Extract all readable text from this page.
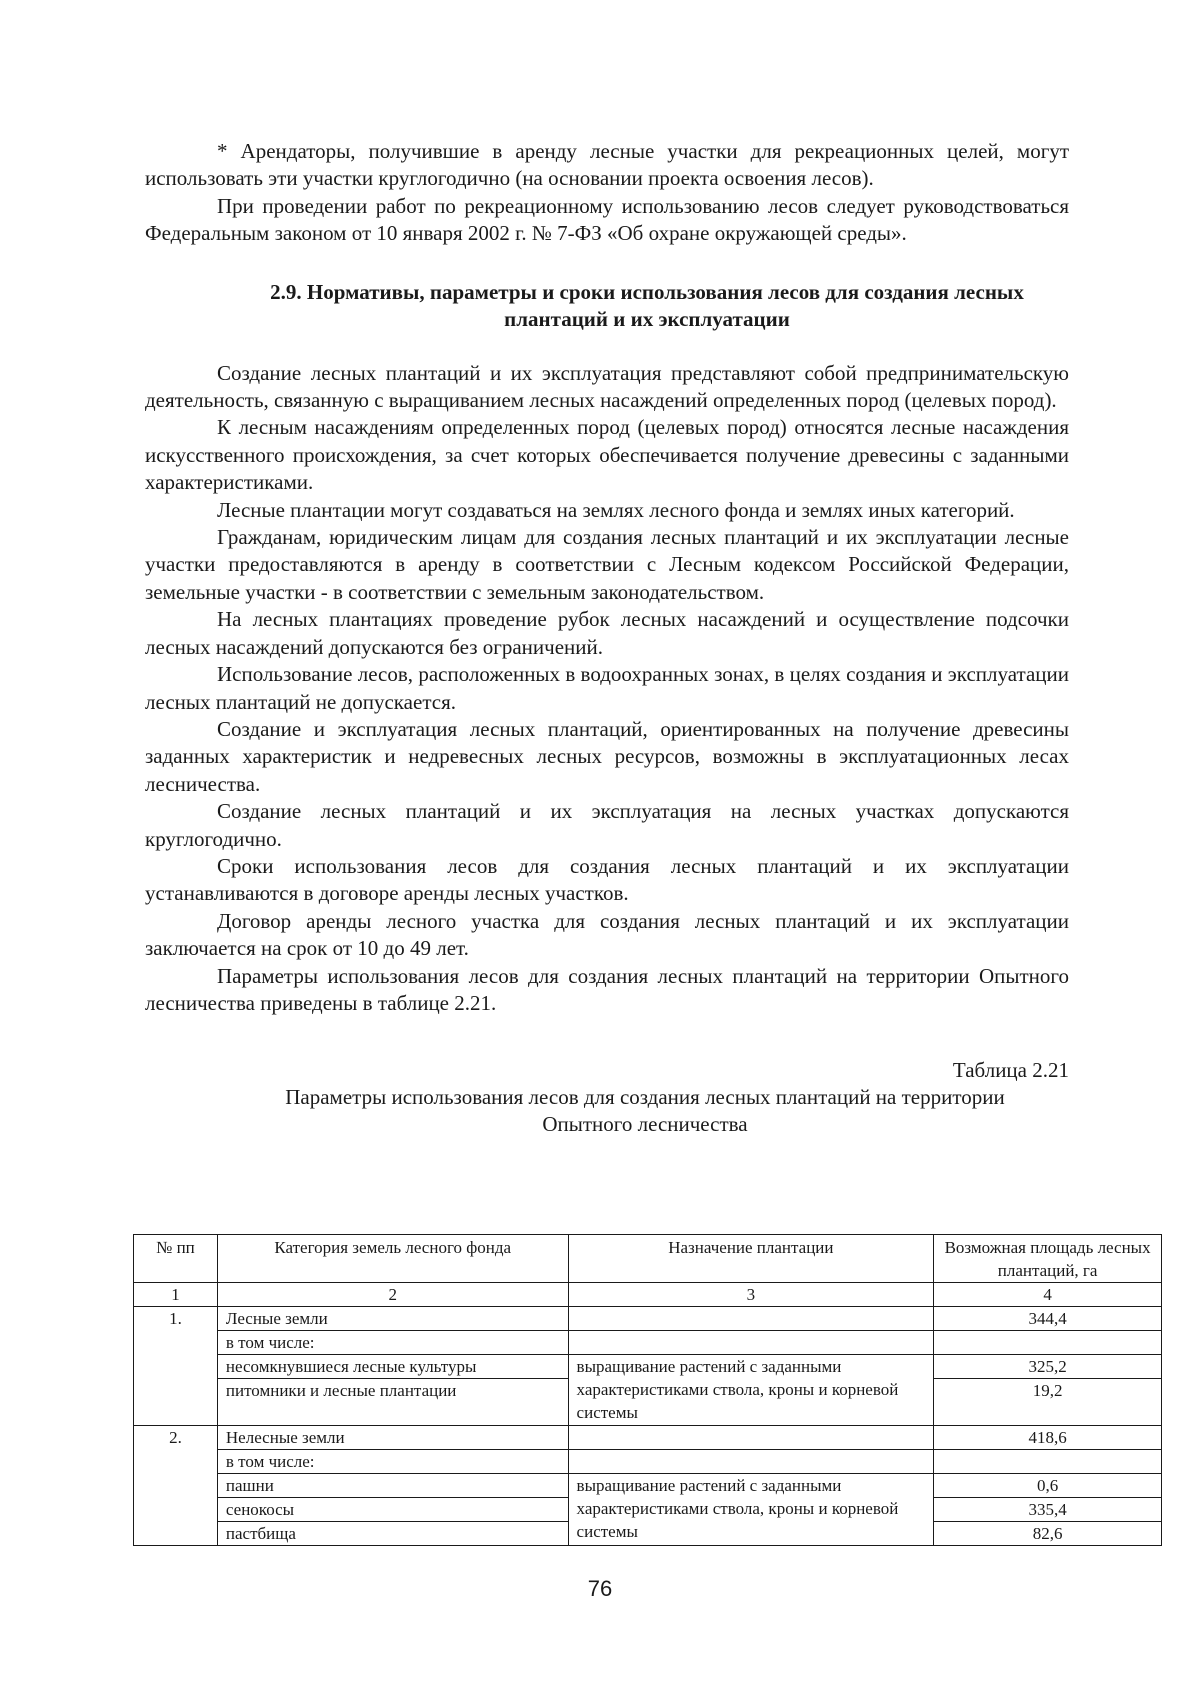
* Арендаторы, получившие в аренду лесные участки для рекреационных целей, могут использовать эти участки круглогодично (на основании проекта освоения лесов).

При проведении работ по рекреационному использованию лесов следует руководствоваться Федеральным законом от 10 января 2002 г. № 7-ФЗ «Об охране окружающей среды».

2.9. Нормативы, параметры и сроки использования лесов для создания лесных плантаций и их эксплуатации

Создание лесных плантаций и их эксплуатация представляют собой предпринимательскую деятельность, связанную с выращиванием лесных насаждений определенных пород (целевых пород).

К лесным насаждениям определенных пород (целевых пород) относятся лесные насаждения искусственного происхождения, за счет которых обеспечивается получение древесины с заданными характеристиками.

Лесные плантации могут создаваться на землях лесного фонда и землях иных категорий.

Гражданам, юридическим лицам для создания лесных плантаций и их эксплуатации лесные участки предоставляются в аренду в соответствии с Лесным кодексом Российской Федерации, земельные участки - в соответствии с земельным законодательством.

На лесных плантациях проведение рубок лесных насаждений и осуществление подсочки лесных насаждений допускаются без ограничений.

Использование лесов, расположенных в водоохранных зонах, в целях создания и эксплуатации лесных плантаций не допускается.

Создание и эксплуатация лесных плантаций, ориентированных на получение древесины заданных характеристик и недревесных лесных ресурсов, возможны в эксплуатационных лесах лесничества.

Создание лесных плантаций и их эксплуатация на лесных участках допускаются круглогодично.

Сроки использования лесов для создания лесных плантаций и их эксплуатации устанавливаются в договоре аренды лесных участков.

Договор аренды лесного участка для создания лесных плантаций и их эксплуатации заключается на срок от 10 до 49 лет.

Параметры использования лесов для создания лесных плантаций на территории Опытного лесничества приведены в таблице 2.21.

Таблица 2.21
Параметры использования лесов для создания лесных плантаций на территории
Опытного лесничества
№ пп	Категория земель лесного фонда	Назначение плантации	Возможная площадь лесных плантаций, га
1	2	3	4
1.	Лесные земли		344,4
	в том числе:		
	несомкнувшиеся лесные культуры	выращивание растений с заданными характеристиками ствола, кроны и корневой системы	325,2
	питомники и лесные плантации		19,2
2.	Нелесные земли		418,6
	в том числе:		
	пашни	выращивание растений с заданными характеристиками ствола, кроны и корневой системы	0,6
	сенокосы		335,4
	пастбища		82,6
76
